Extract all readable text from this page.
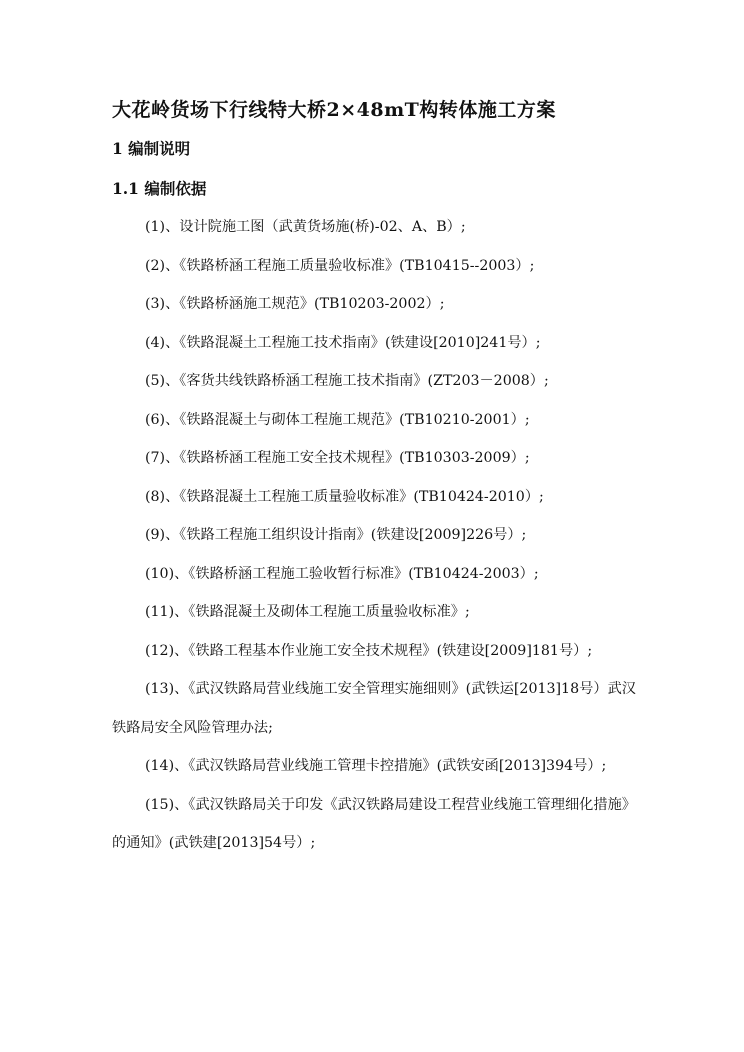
大花岭货场下行线特大桥2×48mT构转体施工方案
1 编制说明
1.1 编制依据
(1)、设计院施工图（武黄货场施(桥)-02、A、B）;
(2)、《铁路桥涵工程施工质量验收标准》(TB10415--2003）;
(3)、《铁路桥涵施工规范》(TB10203-2002）;
(4)、《铁路混凝土工程施工技术指南》(铁建设[2010]241号）;
(5)、《客货共线铁路桥涵工程施工技术指南》(ZT203－2008）;
(6)、《铁路混凝土与砌体工程施工规范》(TB10210-2001）;
(7)、《铁路桥涵工程施工安全技术规程》(TB10303-2009）;
(8)、《铁路混凝土工程施工质量验收标准》(TB10424-2010）;
(9)、《铁路工程施工组织设计指南》(铁建设[2009]226号）;
(10)、《铁路桥涵工程施工验收暂行标准》(TB10424-2003）;
(11)、《铁路混凝土及砌体工程施工质量验收标准》;
(12)、《铁路工程基本作业施工安全技术规程》(铁建设[2009]181号）;
(13)、《武汉铁路局营业线施工安全管理实施细则》(武铁运[2013]18号）武汉铁路局安全风险管理办法;
(14)、《武汉铁路局营业线施工管理卡控措施》(武铁安函[2013]394号）;
(15)、《武汉铁路局关于印发《武汉铁路局建设工程营业线施工管理细化措施》的通知》(武铁建[2013]54号）;
